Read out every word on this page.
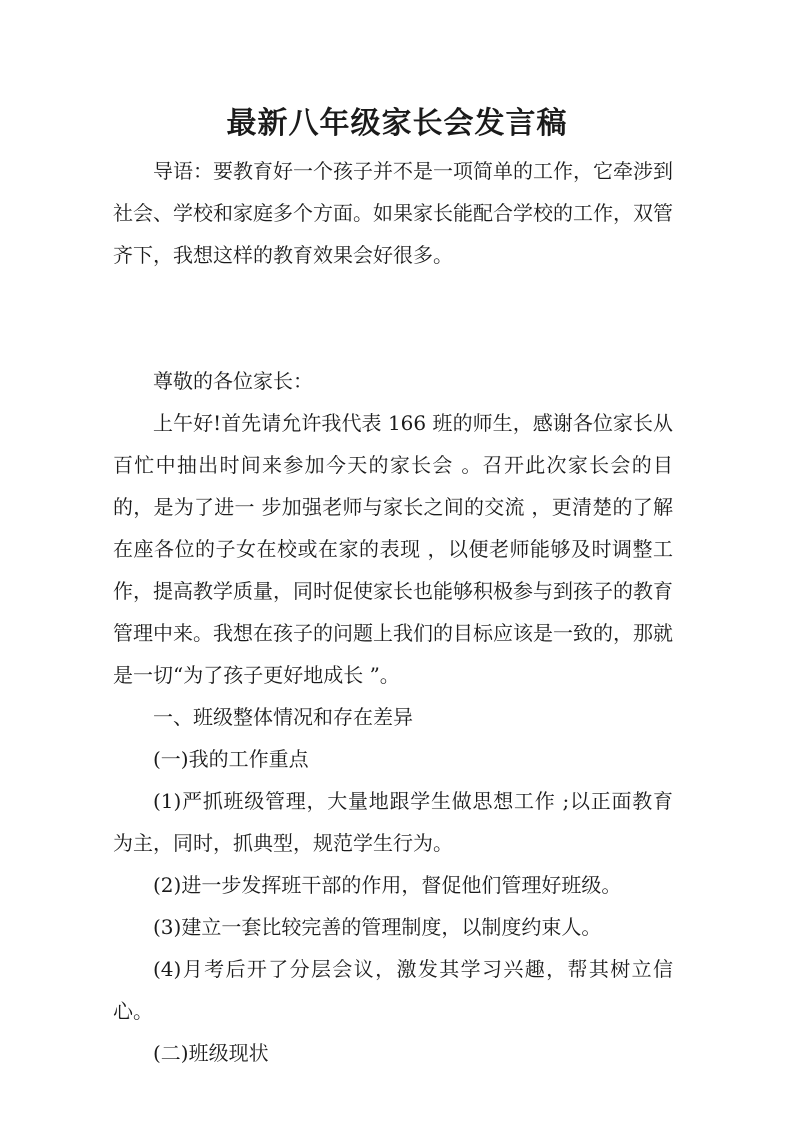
最新八年级家长会发言稿

导语：要教育好一个孩子并不是一项简单的工作，它牵涉到社会、学校和家庭多个方面。如果家长能配合学校的工作，双管齐下，我想这样的教育效果会好很多。

尊敬的各位家长：

上午好!首先请允许我代表 166 班的师生，感谢各位家长从百忙中抽出时间来参加今天的家长会 。召开此次家长会的目的，是为了进一 步加强老师与家长之间的交流 ，更清楚的了解在座各位的子女在校或在家的表现 ，以便老师能够及时调整工作，提高教学质量，同时促使家长也能够积极参与到孩子的教育管理中来。我想在孩子的问题上我们的目标应该是一致的，那就是一切“为了孩子更好地成长 ”。

一、班级整体情况和存在差异

(一)我的工作重点

(1)严抓班级管理，大量地跟学生做思想工作 ;以正面教育为主，同时，抓典型，规范学生行为。

(2)进一步发挥班干部的作用，督促他们管理好班级。

(3)建立一套比较完善的管理制度，以制度约束人。

(4)月考后开了分层会议，激发其学习兴趣，帮其树立信心。

(二)班级现状
